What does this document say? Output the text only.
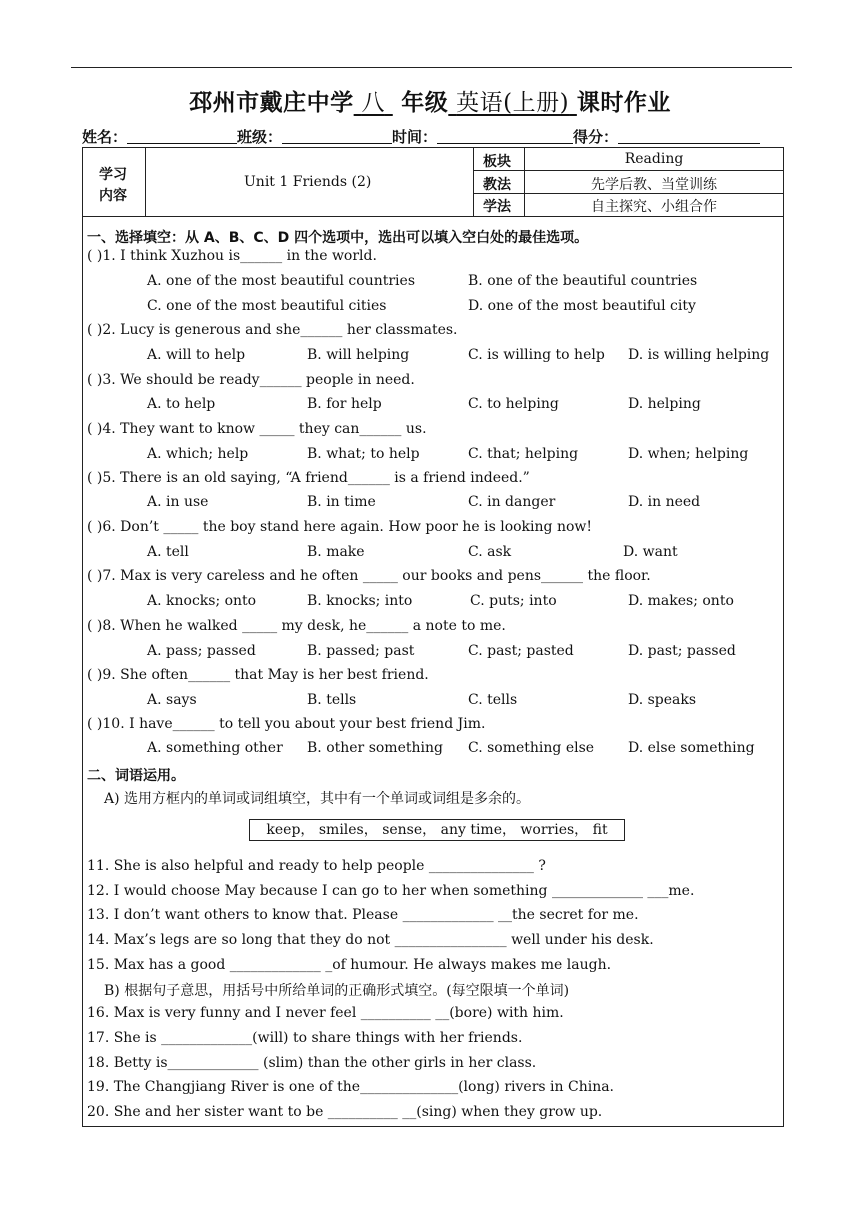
邳州市戴庄中学 八 年级 英语(上册) 课时作业
姓名：	班级：	时间：	得分：
学习
内容
Unit 1 Friends (2)
板块	Reading
教法	先学后教、当堂训练
学法	自主探究、小组合作
一、选择填空：从 A、B、C、D 四个选项中，选出可以填入空白处的最佳选项。
( )1. I think Xuzhou is______ in the world.
A. one of the most beautiful countries	B. one of the beautiful countries
C. one of the most beautiful cities	D. one of the most beautiful city
( )2. Lucy is generous and she______ her classmates.
A. will to help	B. will helping	C. is willing to help D. is willing helping
( )3. We should be ready______ people in need.
A. to help	B. for help	C. to helping	D. helping
( )4. They want to know _____ they can______ us.
A. which; help	B. what; to help	C. that; helping	D. when; helping
( )5. There is an old saying, “A friend______ is a friend indeed.”
A. in use	B. in time	C. in danger	D. in need
( )6. Don’t _____ the boy stand here again. How poor he is looking now!
A. tell	B. make	C. ask	D. want
( )7. Max is very careless and he often _____ our books and pens______ the floor.
A. knocks; onto	B. knocks; into	C. puts; into	D. makes; onto
( )8. When he walked _____ my desk, he______ a note to me.
A. pass; passed	B. passed; past	C. past; pasted	D. past; passed
( )9. She often______ that May is her best friend.
A. says	B. tells	C. tells	D. speaks
( )10. I have______ to tell you about your best friend Jim.
A. something other B. other something C. something else D. else something
二、词语运用。
A) 选用方框内的单词或词组填空，其中有一个单词或词组是多余的。
keep， smiles， sense， any time， worries， fit
11. She is also helpful and ready to help people _______________ ?
12. I would choose May because I can go to her when something _____________ ___me.
13. I don’t want others to know that. Please _____________ __the secret for me.
14. Max’s legs are so long that they do not ________________ well under his desk.
15. Max has a good _____________ _of humour. He always makes me laugh.
B) 根据句子意思，用括号中所给单词的正确形式填空。(每空限填一个单词)
16. Max is very funny and I never feel __________ __(bore) with him.
17. She is _____________(will) to share things with her friends.
18. Betty is_____________ (slim) than the other girls in her class.
19. The Changjiang River is one of the______________(long) rivers in China.
20. She and her sister want to be __________ __(sing) when they grow up.
